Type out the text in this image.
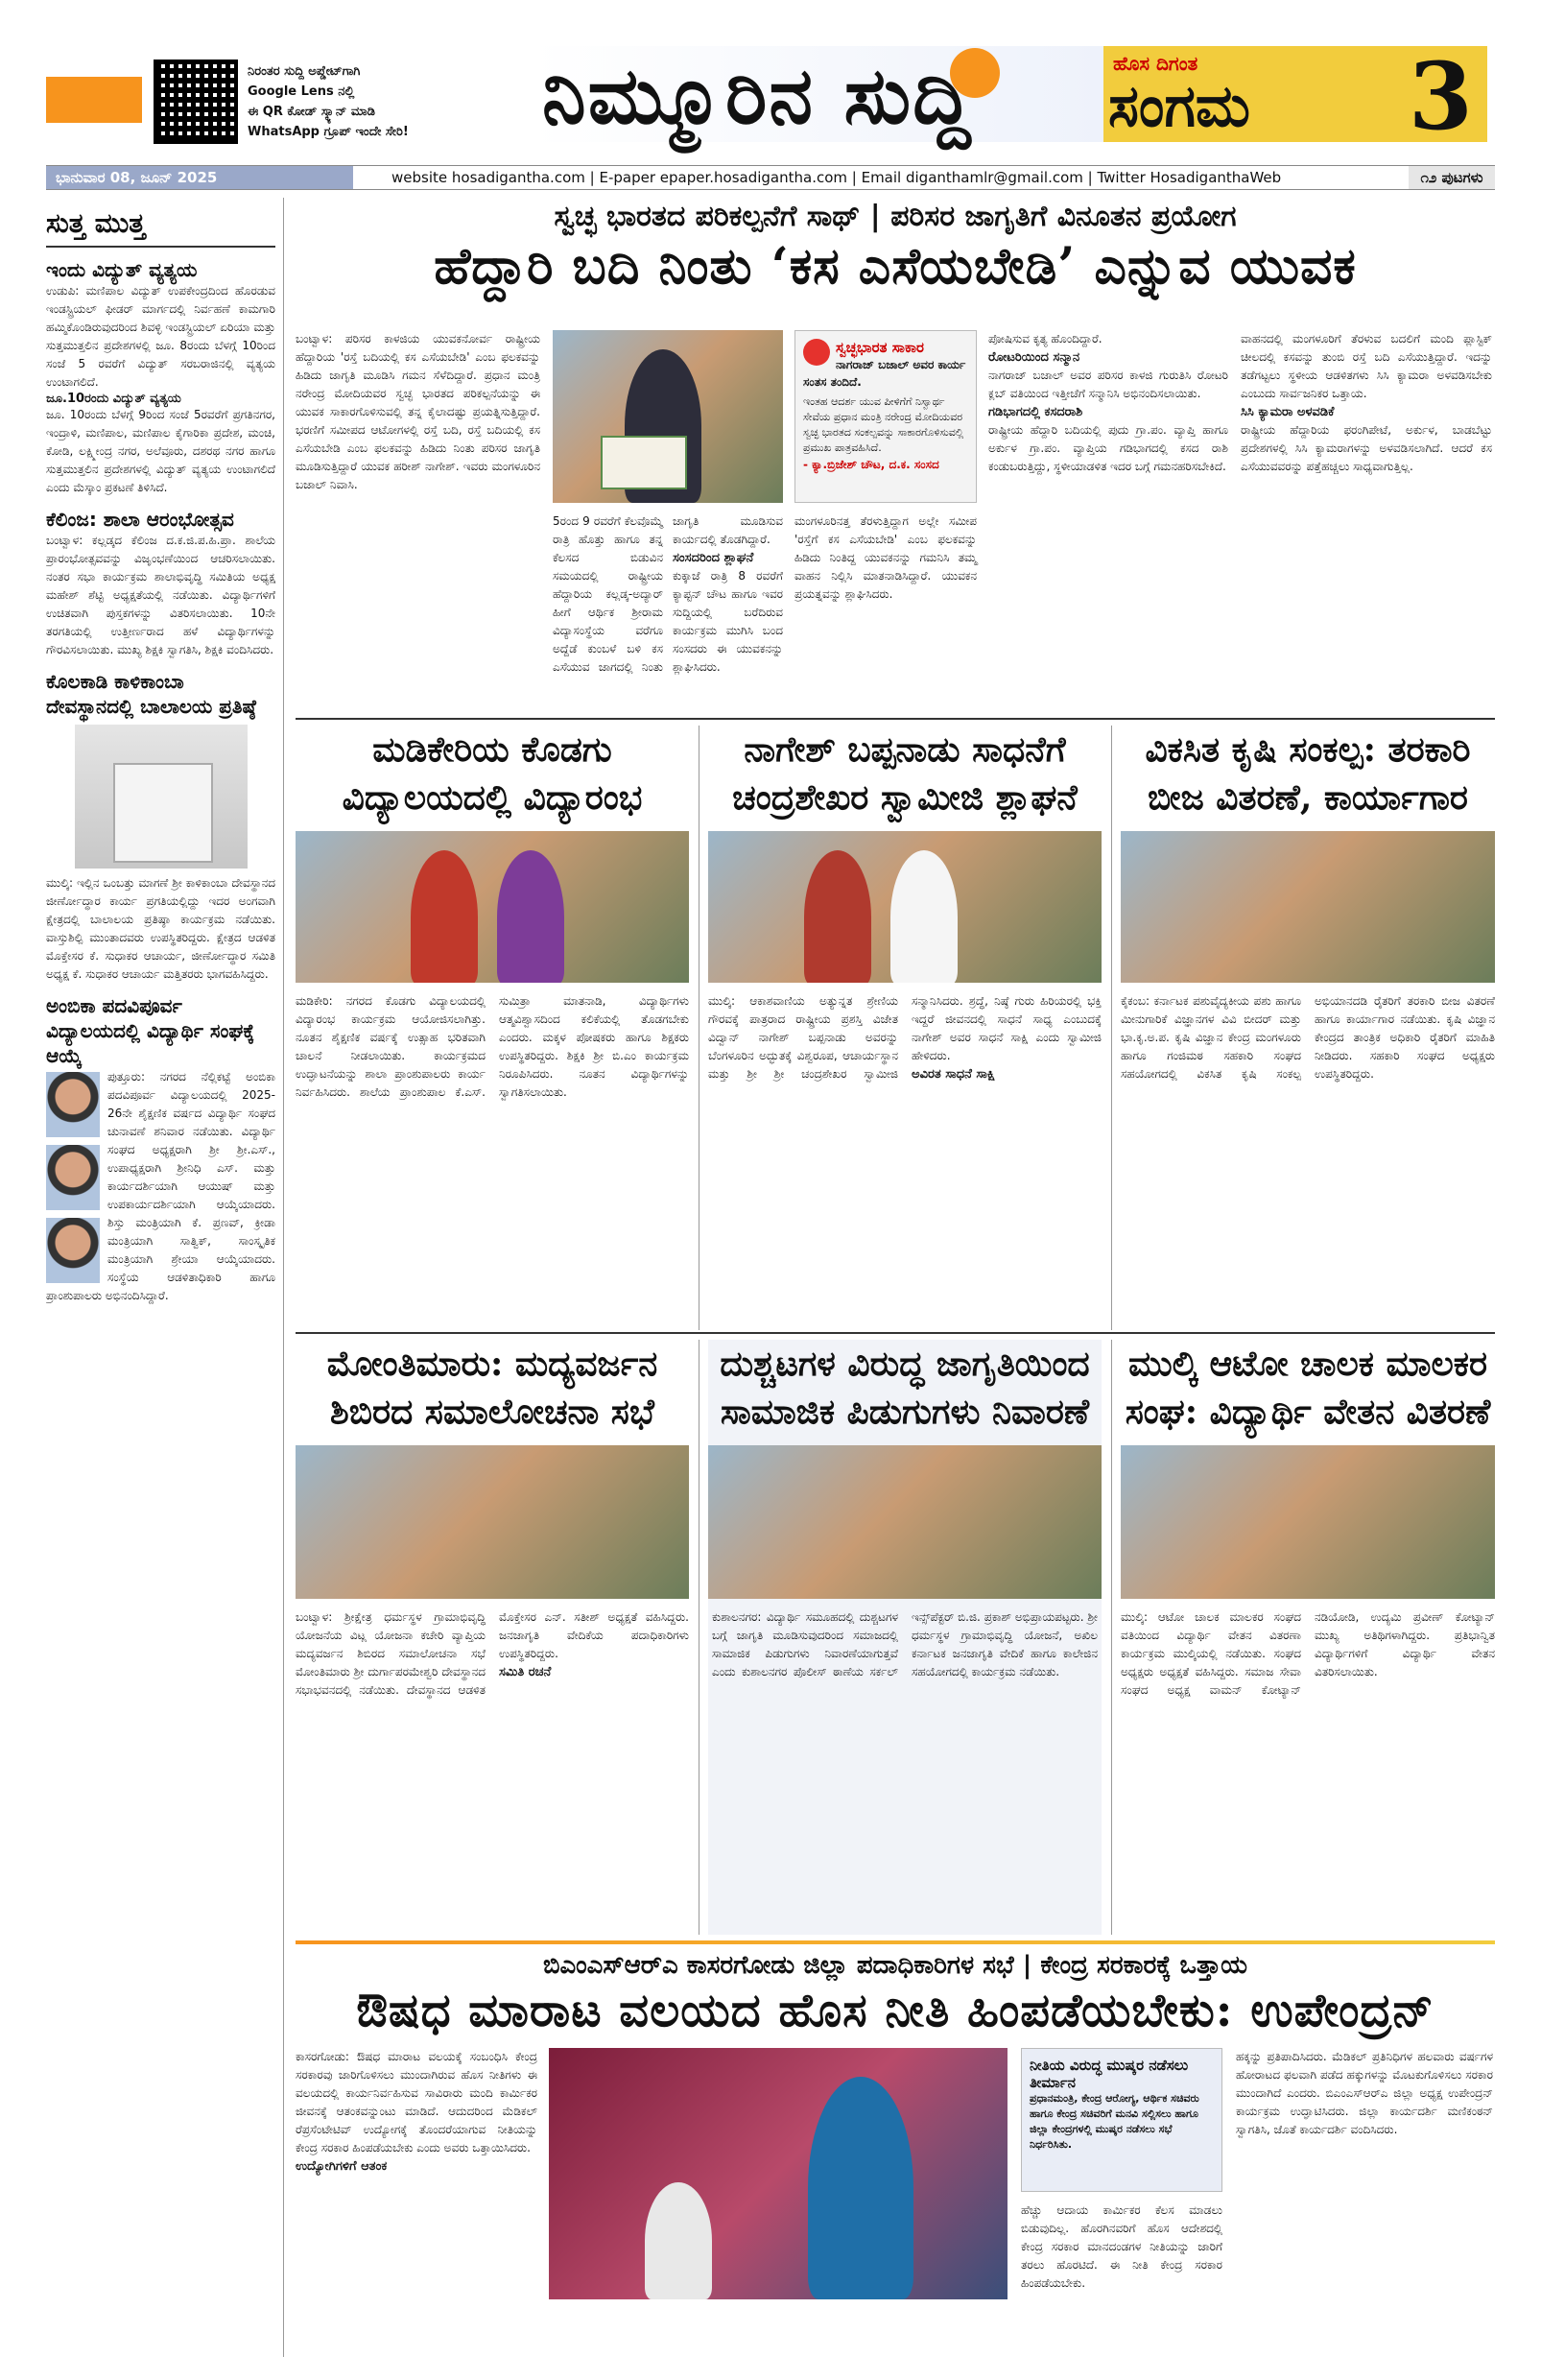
ನಿರಂತರ ಸುದ್ದಿ ಅಪ್ಡೇಟ್‌ಗಾಗಿ
Google Lens ನಲ್ಲಿ
ಈ QR ಕೋಡ್ ಸ್ಕ್ಯಾನ್ ಮಾಡಿ
WhatsApp ಗ್ರೂಪ್ ಇಂದೇ ಸೇರಿ!	ನಿಮ್ಮೂರಿನ ಸುದ್ದಿ	ಹೊಸ ದಿಗಂತ
ಸಂಗಮ 3
ಭಾನುವಾರ 08, ಜೂನ್ 2025	website hosadigantha.com | E-paper epaper.hosadigantha.com | Email diganthamlr@gmail.com | Twitter HosadiganthaWeb	೧೨ ಪುಟಗಳು
ಸುತ್ತ ಮುತ್ತ
ಇಂದು ವಿದ್ಯುತ್ ವ್ಯತ್ಯಯ
ಉಡುಪಿ: ಮಣಿಪಾಲ ವಿದ್ಯುತ್ ಉಪಕೇಂದ್ರದಿಂದ ಹೊರಡುವ ಇಂಡಸ್ಟ್ರಿಯಲ್ ಫೀಡರ್ ಮಾರ್ಗದಲ್ಲಿ ನಿರ್ವಹಣೆ ಕಾಮಗಾರಿ ಹಮ್ಮಿಕೊಂಡಿರುವುದರಿಂದ ಶಿವಳ್ಳಿ ಇಂಡಸ್ಟ್ರಿಯಲ್ ಏರಿಯಾ ಮತ್ತು ಸುತ್ತಮುತ್ತಲಿನ ಪ್ರದೇಶಗಳಲ್ಲಿ ಜೂ. 8ರಂದು ಬೆಳಗ್ಗೆ 10ರಿಂದ ಸಂಜೆ 5 ರವರೆಗೆ ವಿದ್ಯುತ್ ಸರಬರಾಜಿನಲ್ಲಿ ವ್ಯತ್ಯಯ ಉಂಟಾಗಲಿದೆ.
ಜೂ.10ರಂದು ವಿದ್ಯುತ್ ವ್ಯತ್ಯಯ
ಜೂ. 10ರಂದು ಬೆಳಗ್ಗೆ 9ರಿಂದ ಸಂಜೆ 5ರವರೆಗೆ ಪ್ರಗತಿನಗರ, ಇಂದ್ರಾಳಿ, ಮಣಿಪಾಲ, ಮಣಿಪಾಲ ಕೈಗಾರಿಕಾ ಪ್ರದೇಶ, ಮಂಚಿ, ಕೋಡಿ, ಲಕ್ಷ್ಮೀಂದ್ರ ನಗರ, ಅಲೆವೂರು, ದಶರಥ ನಗರ ಹಾಗೂ ಸುತ್ತಮುತ್ತಲಿನ ಪ್ರದೇಶಗಳಲ್ಲಿ ವಿದ್ಯುತ್ ವ್ಯತ್ಯಯ ಉಂಟಾಗಲಿದೆ ಎಂದು ಮೆಸ್ಕಾಂ ಪ್ರಕಟಣೆ ತಿಳಿಸಿದೆ.
ಕೆಲಿಂಜ: ಶಾಲಾ ಆರಂಭೋತ್ಸವ
ಬಂಟ್ವಾಳ: ಕಲ್ಲಡ್ಕದ ಕೆಲಿಂಜ ದ.ಕ.ಜಿ.ಪ.ಹಿ.ಪ್ರಾ. ಶಾಲೆಯ ಪ್ರಾರಂಭೋತ್ಸವವನ್ನು ವಿಜೃಂಭಣೆಯಿಂದ ಆಚರಿಸಲಾಯಿತು. ನಂತರ ಸಭಾ ಕಾರ್ಯಕ್ರಮ ಶಾಲಾಭಿವೃದ್ಧಿ ಸಮಿತಿಯ ಅಧ್ಯಕ್ಷ ಮಹೇಶ್ ಶೆಟ್ಟಿ ಅಧ್ಯಕ್ಷತೆಯಲ್ಲಿ ನಡೆಯಿತು. ವಿದ್ಯಾರ್ಥಿಗಳಿಗೆ ಉಚಿತವಾಗಿ ಪುಸ್ತಕಗಳನ್ನು ವಿತರಿಸಲಾಯಿತು. 10ನೇ ತರಗತಿಯಲ್ಲಿ ಉತ್ತೀರ್ಣರಾದ ಹಳೆ ವಿದ್ಯಾರ್ಥಿಗಳನ್ನು ಗೌರವಿಸಲಾಯಿತು. ಮುಖ್ಯ ಶಿಕ್ಷಕಿ ಸ್ವಾಗತಿಸಿ, ಶಿಕ್ಷಕಿ ವಂದಿಸಿದರು.
ಕೊಲಕಾಡಿ ಕಾಳಿಕಾಂಬಾ ದೇವಸ್ಥಾನದಲ್ಲಿ ಬಾಲಾಲಯ ಪ್ರತಿಷ್ಠೆ
ಮುಲ್ಕಿ: ಇಲ್ಲಿನ ಒಂಬತ್ತು ಮಾಗಣೆ ಶ್ರೀ ಕಾಳಿಕಾಂಬಾ ದೇವಸ್ಥಾನದ ಜೀರ್ಣೋದ್ಧಾರ ಕಾರ್ಯ ಪ್ರಗತಿಯಲ್ಲಿದ್ದು ಇದರ ಅಂಗವಾಗಿ ಕ್ಷೇತ್ರದಲ್ಲಿ ಬಾಲಾಲಯ ಪ್ರತಿಷ್ಠಾ ಕಾರ್ಯಕ್ರಮ ನಡೆಯಿತು. ವಾಸ್ತುಶಿಲ್ಪಿ ಮುಂತಾದವರು ಉಪಸ್ಥಿತರಿದ್ದರು. ಕ್ಷೇತ್ರದ ಆಡಳಿತ ಮೊಕ್ತೇಸರ ಕೆ. ಸುಧಾಕರ ಆಚಾರ್ಯ, ಜೀರ್ಣೋದ್ಧಾರ ಸಮಿತಿ ಅಧ್ಯಕ್ಷ ಕೆ. ಸುಧಾಕರ ಆಚಾರ್ಯ ಮತ್ತಿತರರು ಭಾಗವಹಿಸಿದ್ದರು.
ಅಂಬಿಕಾ ಪದವಿಪೂರ್ವ ವಿದ್ಯಾಲಯದಲ್ಲಿ ವಿದ್ಯಾರ್ಥಿ ಸಂಘಕ್ಕೆ ಆಯ್ಕೆ
ಪುತ್ತೂರು: ನಗರದ ನೆಲ್ಲಿಕಟ್ಟೆ ಅಂಬಿಕಾ ಪದವಿಪೂರ್ವ ವಿದ್ಯಾಲಯದಲ್ಲಿ 2025-26ನೇ ಶೈಕ್ಷಣಿಕ ವರ್ಷದ ವಿದ್ಯಾರ್ಥಿ ಸಂಘದ ಚುನಾವಣೆ ಶನಿವಾರ ನಡೆಯಿತು. ವಿದ್ಯಾರ್ಥಿ ಸಂಘದ ಅಧ್ಯಕ್ಷರಾಗಿ ಶ್ರೀ ಶ್ರೀ.ಎಸ್., ಉಪಾಧ್ಯಕ್ಷರಾಗಿ ಶ್ರೀನಿಧಿ ಎಸ್. ಮತ್ತು ಕಾರ್ಯದರ್ಶಿಯಾಗಿ ಆಯುಷ್ ಮತ್ತು ಉಪಕಾರ್ಯದರ್ಶಿಯಾಗಿ ಆಯ್ಕೆಯಾದರು. ಶಿಸ್ತು ಮಂತ್ರಿಯಾಗಿ ಕೆ. ಪ್ರಣವ್, ಕ್ರೀಡಾ ಮಂತ್ರಿಯಾಗಿ ಸಾತ್ವಿಕ್, ಸಾಂಸ್ಕೃತಿಕ ಮಂತ್ರಿಯಾಗಿ ಶ್ರೇಯಾ ಆಯ್ಕೆಯಾದರು. ಸಂಸ್ಥೆಯ ಆಡಳಿತಾಧಿಕಾರಿ ಹಾಗೂ ಪ್ರಾಂಶುಪಾಲರು ಅಭಿನಂದಿಸಿದ್ದಾರೆ.
ಸ್ವಚ್ಛ ಭಾರತದ ಪರಿಕಲ್ಪನೆಗೆ ಸಾಥ್ | ಪರಿಸರ ಜಾಗೃತಿಗೆ ವಿನೂತನ ಪ್ರಯೋಗ
ಹೆದ್ದಾರಿ ಬದಿ ನಿಂತು ‘ಕಸ ಎಸೆಯಬೇಡಿ’ ಎನ್ನುವ ಯುವಕ
ಬಂಟ್ವಾಳ: ಪರಿಸರ ಕಾಳಜಿಯ ಯುವಕನೋರ್ವ ರಾಷ್ಟ್ರೀಯ ಹೆದ್ದಾರಿಯ 'ರಸ್ತೆ ಬದಿಯಲ್ಲಿ ಕಸ ಎಸೆಯಬೇಡಿ' ಎಂಬ ಫಲಕವನ್ನು ಹಿಡಿದು ಜಾಗೃತಿ ಮೂಡಿಸಿ ಗಮನ ಸೆಳೆದಿದ್ದಾರೆ. ಪ್ರಧಾನ ಮಂತ್ರಿ ನರೇಂದ್ರ ಮೋದಿಯವರ ಸ್ವಚ್ಛ ಭಾರತದ ಪರಿಕಲ್ಪನೆಯನ್ನು ಈ ಯುವಕ ಸಾಕಾರಗೊಳಿಸುವಲ್ಲಿ ತನ್ನ ಕೈಲಾದಷ್ಟು ಪ್ರಯತ್ನಿಸುತ್ತಿದ್ದಾರೆ. ಭರಣಿಗೆ ಸಮೀಪದ ಆಟೋಗಳಲ್ಲಿ ರಸ್ತೆ ಬದಿ, ರಸ್ತೆ ಬದಿಯಲ್ಲಿ ಕಸ ಎಸೆಯಬೇಡಿ ಎಂಬ ಫಲಕವನ್ನು ಹಿಡಿದು ನಿಂತು ಪರಿಸರ ಜಾಗೃತಿ ಮೂಡಿಸುತ್ತಿದ್ದಾರೆ ಯುವಕ ಹರೀಶ್ ನಾಗೇಶ್. ಇವರು ಮಂಗಳೂರಿನ ಬಜಾಲ್ ನಿವಾಸಿ.
5ರಂದ 9 ರವರೆಗೆ ಕೆಲವೊಮ್ಮೆ ರಾತ್ರಿ ಹೊತ್ತು ಹಾಗೂ ತನ್ನ ಕೆಲಸದ ಬಿಡುವಿನ ಸಮಯದಲ್ಲಿ ರಾಷ್ಟ್ರೀಯ ಹೆದ್ದಾರಿಯ ಕಲ್ಲಡ್ಕ-ಅದ್ಯಾರ್ ಹೀಗೆ ಆರ್ಥಿಕ ಶ್ರೀರಾಮ ವಿದ್ಯಾಸಂಸ್ಥೆಯ ವರೆಗೂ ಅದ್ದೆಡೆ ಕುಂಬಳೆ ಬಳಿ ಕಸ ಎಸೆಯುವ ಜಾಗದಲ್ಲಿ ನಿಂತು ಜಾಗೃತಿ ಮೂಡಿಸುವ ಕಾರ್ಯದಲ್ಲಿ ತೊಡಗಿದ್ದಾರೆ.
ಸಂಸದರಿಂದ ಶ್ಲಾಘನೆ
ಕುಕ್ಕಾಜೆ ರಾತ್ರಿ 8 ರವರೆಗೆ ಕ್ಯಾಪ್ಟನ್ ಚೌಟ ಹಾಗೂ ಇವರ ಸುದ್ದಿಯಲ್ಲಿ ಬರೆದಿರುವ ಕಾರ್ಯಕ್ರಮ ಮುಗಿಸಿ ಬಂದ ಸಂಸದರು ಈ ಯುವಕನನ್ನು ಶ್ಲಾಘಿಸಿದರು.
ಸ್ವಚ್ಛಭಾರತ ಸಾಕಾರ
ನಾಗರಾಜ್ ಬಜಾಲ್ ಅವರ ಕಾರ್ಯ ಸಂತಸ ತಂದಿದೆ.
ಇಂತಹ ಆದರ್ಶ ಯುವ ಪೀಳಿಗೆಗೆ ನಿಸ್ವಾರ್ಥ ಸೇವೆಯ ಪ್ರಧಾನ ಮಂತ್ರಿ ನರೇಂದ್ರ ಮೋದಿಯವರ ಸ್ವಚ್ಛ ಭಾರತದ ಸಂಕಲ್ಪವನ್ನು ಸಾಕಾರಗೊಳಿಸುವಲ್ಲಿ ಪ್ರಮುಖ ಪಾತ್ರವಹಿಸಿದೆ.
- ಕ್ಯಾ.ಬ್ರಿಜೇಶ್ ಚೌಟ, ದ.ಕ. ಸಂಸದ
ಮಂಗಳೂರಿನತ್ತ ತೆರಳುತ್ತಿದ್ದಾಗ ಅಲ್ಲೇ ಸಮೀಪ 'ರಸ್ತೆಗೆ ಕಸ ಎಸೆಯಬೇಡಿ' ಎಂಬ ಫಲಕವನ್ನು ಹಿಡಿದು ನಿಂತಿದ್ದ ಯುವಕನನ್ನು ಗಮನಿಸಿ ತಮ್ಮ ವಾಹನ ನಿಲ್ಲಿಸಿ ಮಾತನಾಡಿಸಿದ್ದಾರೆ. ಯುವಕನ ಪ್ರಯತ್ನವನ್ನು ಶ್ಲಾಘಿಸಿದರು.
ಪೋಷಿಸುವ ಕೃತ್ಯ ಹೊಂದಿದ್ದಾರೆ.
ರೋಟರಿಯಿಂದ ಸನ್ಮಾನ
ನಾಗರಾಜ್ ಬಜಾಲ್ ಅವರ ಪರಿಸರ ಕಾಳಜಿ ಗುರುತಿಸಿ ರೋಟರಿ ಕ್ಲಬ್ ವತಿಯಿಂದ ಇತ್ತೀಚೆಗೆ ಸನ್ಮಾನಿಸಿ ಅಭಿನಂದಿಸಲಾಯಿತು.
ಗಡಿಭಾಗದಲ್ಲಿ ಕಸದರಾಶಿ
ರಾಷ್ಟ್ರೀಯ ಹೆದ್ದಾರಿ ಬದಿಯಲ್ಲಿ ಪುದು ಗ್ರಾ.ಪಂ. ವ್ಯಾಪ್ತಿ ಹಾಗೂ ಅರ್ಕುಳ ಗ್ರಾ.ಪಂ. ವ್ಯಾಪ್ತಿಯ ಗಡಿಭಾಗದಲ್ಲಿ ಕಸದ ರಾಶಿ ಕಂಡುಬರುತ್ತಿದ್ದು, ಸ್ಥಳೀಯಾಡಳಿತ ಇದರ ಬಗ್ಗೆ ಗಮನಹರಿಸಬೇಕಿದೆ.
ವಾಹನದಲ್ಲಿ ಮಂಗಳೂರಿಗೆ ತೆರಳುವ ಬದಲಿಗೆ ಮಂದಿ ಪ್ಲಾಸ್ಟಿಕ್ ಚೀಲದಲ್ಲಿ ಕಸವನ್ನು ತುಂಬಿ ರಸ್ತೆ ಬದಿ ಎಸೆಯುತ್ತಿದ್ದಾರೆ. ಇದನ್ನು ತಡೆಗಟ್ಟಲು ಸ್ಥಳೀಯ ಆಡಳಿತಗಳು ಸಿಸಿ ಕ್ಯಾಮರಾ ಅಳವಡಿಸಬೇಕು ಎಂಬುದು ಸಾರ್ವಜನಿಕರ ಒತ್ತಾಯ.
ಸಿಸಿ ಕ್ಯಾಮರಾ ಅಳವಡಿಕೆ
ರಾಷ್ಟ್ರೀಯ ಹೆದ್ದಾರಿಯ ಫರಂಗಿಪೇಟೆ, ಅರ್ಕುಳ, ಬಾಡಬೆಟ್ಟು ಪ್ರದೇಶಗಳಲ್ಲಿ ಸಿಸಿ ಕ್ಯಾಮರಾಗಳನ್ನು ಅಳವಡಿಸಲಾಗಿದೆ. ಆದರೆ ಕಸ ಎಸೆಯುವವರನ್ನು ಪತ್ತೆಹಚ್ಚಲು ಸಾಧ್ಯವಾಗುತ್ತಿಲ್ಲ.
ಮಡಿಕೇರಿಯ ಕೊಡಗು ವಿದ್ಯಾಲಯದಲ್ಲಿ ವಿದ್ಯಾರಂಭ
ಮಡಿಕೇರಿ: ನಗರದ ಕೊಡಗು ವಿದ್ಯಾಲಯದಲ್ಲಿ ವಿದ್ಯಾರಂಭ ಕಾರ್ಯಕ್ರಮ ಆಯೋಜಿಸಲಾಗಿತ್ತು. ನೂತನ ಶೈಕ್ಷಣಿಕ ವರ್ಷಕ್ಕೆ ಉತ್ಸಾಹ ಭರಿತವಾಗಿ ಚಾಲನೆ ನೀಡಲಾಯಿತು. ಕಾರ್ಯಕ್ರಮದ ಉದ್ಘಾಟನೆಯನ್ನು ಶಾಲಾ ಪ್ರಾಂಶುಪಾಲರು ಕಾರ್ಯ ನಿರ್ವಹಿಸಿದರು. ಶಾಲೆಯ ಪ್ರಾಂಶುಪಾಲ ಕೆ.ಎಸ್. ಸುಮಿತ್ರಾ ಮಾತನಾಡಿ, ವಿದ್ಯಾರ್ಥಿಗಳು ಆತ್ಮವಿಶ್ವಾಸದಿಂದ ಕಲಿಕೆಯಲ್ಲಿ ತೊಡಗಬೇಕು ಎಂದರು. ಮಕ್ಕಳ ಪೋಷಕರು ಹಾಗೂ ಶಿಕ್ಷಕರು ಉಪಸ್ಥಿತರಿದ್ದರು. ಶಿಕ್ಷಕಿ ಶ್ರೀ ಬಿ.ಎಂ ಕಾರ್ಯಕ್ರಮ ನಿರೂಪಿಸಿದರು. ನೂತನ ವಿದ್ಯಾರ್ಥಿಗಳನ್ನು ಸ್ವಾಗತಿಸಲಾಯಿತು.
ನಾಗೇಶ್ ಬಪ್ಪನಾಡು ಸಾಧನೆಗೆ ಚಂದ್ರಶೇಖರ ಸ್ವಾಮೀಜಿ ಶ್ಲಾಘನೆ
ಮುಲ್ಕಿ: ಆಕಾಶವಾಣಿಯ ಅತ್ಯುನ್ನತ ಶ್ರೇಣಿಯ ಗೌರವಕ್ಕೆ ಪಾತ್ರರಾದ ರಾಷ್ಟ್ರೀಯ ಪ್ರಶಸ್ತಿ ವಿಜೇತ ವಿದ್ವಾನ್ ನಾಗೇಶ್ ಬಪ್ಪನಾಡು ಅವರನ್ನು ಬೆಂಗಳೂರಿನ ಅದ್ಭುತಕ್ಕೆ ವಿಶ್ವರೂಪ, ಆಚಾರ್ಯಸ್ಥಾನ ಮತ್ತು ಶ್ರೀ ಶ್ರೀ ಚಂದ್ರಶೇಖರ ಸ್ವಾಮೀಜಿ ಸನ್ಮಾನಿಸಿದರು. ಶ್ರದ್ಧೆ, ನಿಷ್ಠೆ ಗುರು ಹಿರಿಯರಲ್ಲಿ ಭಕ್ತಿ ಇದ್ದರೆ ಜೀವನದಲ್ಲಿ ಸಾಧನೆ ಸಾಧ್ಯ ಎಂಬುದಕ್ಕೆ ನಾಗೇಶ್ ಅವರ ಸಾಧನೆ ಸಾಕ್ಷಿ ಎಂದು ಸ್ವಾಮೀಜಿ ಹೇಳಿದರು.
ಅವಿರತ ಸಾಧನೆ ಸಾಕ್ಷಿ
ವಿಕಸಿತ ಕೃಷಿ ಸಂಕಲ್ಪ: ತರಕಾರಿ ಬೀಜ ವಿತರಣೆ, ಕಾರ್ಯಾಗಾರ
ಕೈಕಂಬ: ಕರ್ನಾಟಕ ಪಶುವೈದ್ಯಕೀಯ ಪಶು ಹಾಗೂ ಮೀನುಗಾರಿಕೆ ವಿಜ್ಞಾನಗಳ ವಿವಿ ಬೀದರ್ ಮತ್ತು ಭಾ.ಕೃ.ಅ.ಪ. ಕೃಷಿ ವಿಜ್ಞಾನ ಕೇಂದ್ರ ಮಂಗಳೂರು ಹಾಗೂ ಗಂಜಿಮಠ ಸಹಕಾರಿ ಸಂಘದ ಸಹಯೋಗದಲ್ಲಿ ವಿಕಸಿತ ಕೃಷಿ ಸಂಕಲ್ಪ ಅಭಿಯಾನದಡಿ ರೈತರಿಗೆ ತರಕಾರಿ ಬೀಜ ವಿತರಣೆ ಹಾಗೂ ಕಾರ್ಯಾಗಾರ ನಡೆಯಿತು. ಕೃಷಿ ವಿಜ್ಞಾನ ಕೇಂದ್ರದ ತಾಂತ್ರಿಕ ಅಧಿಕಾರಿ ರೈತರಿಗೆ ಮಾಹಿತಿ ನೀಡಿದರು. ಸಹಕಾರಿ ಸಂಘದ ಅಧ್ಯಕ್ಷರು ಉಪಸ್ಥಿತರಿದ್ದರು.
ಮೋಂತಿಮಾರು: ಮದ್ಯವರ್ಜನ ಶಿಬಿರದ ಸಮಾಲೋಚನಾ ಸಭೆ
ಬಂಟ್ವಾಳ: ಶ್ರೀಕ್ಷೇತ್ರ ಧರ್ಮಸ್ಥಳ ಗ್ರಾಮಾಭಿವೃದ್ಧಿ ಯೋಜನೆಯ ವಿಟ್ಲ ಯೋಜನಾ ಕಚೇರಿ ವ್ಯಾಪ್ತಿಯ ಮದ್ಯವರ್ಜನ ಶಿಬಿರದ ಸಮಾಲೋಚನಾ ಸಭೆ ಮೋಂತಿಮಾರು ಶ್ರೀ ದುರ್ಗಾಪರಮೇಶ್ವರಿ ದೇವಸ್ಥಾನದ ಸಭಾಭವನದಲ್ಲಿ ನಡೆಯಿತು. ದೇವಸ್ಥಾನದ ಆಡಳಿತ ಮೊಕ್ತೇಸರ ಎನ್. ಸತೀಶ್ ಅಧ್ಯಕ್ಷತೆ ವಹಿಸಿದ್ದರು. ಜನಜಾಗೃತಿ ವೇದಿಕೆಯ ಪದಾಧಿಕಾರಿಗಳು ಉಪಸ್ಥಿತರಿದ್ದರು.
ಸಮಿತಿ ರಚನೆ
ದುಶ್ಚಟಗಳ ವಿರುದ್ಧ ಜಾಗೃತಿಯಿಂದ ಸಾಮಾಜಿಕ ಪಿಡುಗುಗಳು ನಿವಾರಣೆ
ಕುಶಾಲನಗರ: ವಿದ್ಯಾರ್ಥಿ ಸಮೂಹದಲ್ಲಿ ದುಶ್ಚಟಗಳ ಬಗ್ಗೆ ಜಾಗೃತಿ ಮೂಡಿಸುವುದರಿಂದ ಸಮಾಜದಲ್ಲಿ ಸಾಮಾಜಿಕ ಪಿಡುಗುಗಳು ನಿವಾರಣೆಯಾಗುತ್ತವೆ ಎಂದು ಕುಶಾಲನಗರ ಪೊಲೀಸ್ ಠಾಣೆಯ ಸರ್ಕಲ್ ಇನ್ಸ್‌ಪೆಕ್ಟರ್ ಬಿ.ಜಿ. ಪ್ರಕಾಶ್ ಅಭಿಪ್ರಾಯಪಟ್ಟರು. ಶ್ರೀ ಧರ್ಮಸ್ಥಳ ಗ್ರಾಮಾಭಿವೃದ್ಧಿ ಯೋಜನೆ, ಅಖಿಲ ಕರ್ನಾಟಕ ಜನಜಾಗೃತಿ ವೇದಿಕೆ ಹಾಗೂ ಕಾಲೇಜಿನ ಸಹಯೋಗದಲ್ಲಿ ಕಾರ್ಯಕ್ರಮ ನಡೆಯಿತು.
ಮುಲ್ಕಿ ಆಟೋ ಚಾಲಕ ಮಾಲಕರ ಸಂಘ: ವಿದ್ಯಾರ್ಥಿ ವೇತನ ವಿತರಣೆ
ಮುಲ್ಕಿ: ಆಟೋ ಚಾಲಕ ಮಾಲಕರ ಸಂಘದ ವತಿಯಿಂದ ವಿದ್ಯಾರ್ಥಿ ವೇತನ ವಿತರಣಾ ಕಾರ್ಯಕ್ರಮ ಮುಲ್ಕಿಯಲ್ಲಿ ನಡೆಯಿತು. ಸಂಘದ ಅಧ್ಯಕ್ಷರು ಅಧ್ಯಕ್ಷತೆ ವಹಿಸಿದ್ದರು. ಸಮಾಜ ಸೇವಾ ಸಂಘದ ಅಧ್ಯಕ್ಷ ವಾಮನ್ ಕೋಟ್ಯಾನ್ ನಡಿಯೋಡಿ, ಉದ್ಯಮಿ ಪ್ರವೀಣ್ ಕೋಟ್ಯಾನ್ ಮುಖ್ಯ ಅತಿಥಿಗಳಾಗಿದ್ದರು. ಪ್ರತಿಭಾನ್ವಿತ ವಿದ್ಯಾರ್ಥಿಗಳಿಗೆ ವಿದ್ಯಾರ್ಥಿ ವೇತನ ವಿತರಿಸಲಾಯಿತು.
ಬಿಎಂಎಸ್‌ಆರ್‌ಎ ಕಾಸರಗೋಡು ಜಿಲ್ಲಾ ಪದಾಧಿಕಾರಿಗಳ ಸಭೆ | ಕೇಂದ್ರ ಸರಕಾರಕ್ಕೆ ಒತ್ತಾಯ
ಔಷಧ ಮಾರಾಟ ವಲಯದ ಹೊಸ ನೀತಿ ಹಿಂಪಡೆಯಬೇಕು: ಉಪೇಂದ್ರನ್
ಕಾಸರಗೋಡು: ಔಷಧ ಮಾರಾಟ ವಲಯಕ್ಕೆ ಸಂಬಂಧಿಸಿ ಕೇಂದ್ರ ಸರಕಾರವು ಜಾರಿಗೊಳಿಸಲು ಮುಂದಾಗಿರುವ ಹೊಸ ನೀತಿಗಳು ಈ ವಲಯದಲ್ಲಿ ಕಾರ್ಯನಿರ್ವಹಿಸುವ ಸಾವಿರಾರು ಮಂದಿ ಕಾರ್ಮಿಕರ ಜೀವನಕ್ಕೆ ಆತಂಕವನ್ನುಂಟು ಮಾಡಿದೆ. ಆದುದರಿಂದ ಮೆಡಿಕಲ್ ರೆಪ್ರಸೆಂಟೇಟಿವ್ ಉದ್ಯೋಗಕ್ಕೆ ತೊಂದರೆಯಾಗುವ ನೀತಿಯನ್ನು ಕೇಂದ್ರ ಸರಕಾರ ಹಿಂಪಡೆಯಬೇಕು ಎಂದು ಅವರು ಒತ್ತಾಯಿಸಿದರು.
ಉದ್ಯೋಗಿಗಳಿಗೆ ಆತಂಕ
ನೀತಿಯ ವಿರುದ್ಧ ಮುಷ್ಕರ ನಡೆಸಲು ತೀರ್ಮಾನ
ಪ್ರಧಾನಮಂತ್ರಿ, ಕೇಂದ್ರ ಆರೋಗ್ಯ, ಆರ್ಥಿಕ ಸಚಿವರು ಹಾಗೂ ಕೇಂದ್ರ ಸಚಿವರಿಗೆ ಮನವಿ ಸಲ್ಲಿಸಲು ಹಾಗೂ ಜಿಲ್ಲಾ ಕೇಂದ್ರಗಳಲ್ಲಿ ಮುಷ್ಕರ ನಡೆಸಲು ಸಭೆ ನಿರ್ಧರಿಸಿತು.
ಹೆಚ್ಚು ಆದಾಯ ಕಾರ್ಮಿಕರ ಕೆಲಸ ಮಾಡಲು ಬಿಡುವುದಿಲ್ಲ. ಹೊರಗಿನವರಿಗೆ ಹೊಸ ಆದೇಶದಲ್ಲಿ ಕೇಂದ್ರ ಸರಕಾರ ಮಾನದಂಡಗಳ ನೀತಿಯನ್ನು ಜಾರಿಗೆ ತರಲು ಹೊರಟಿದೆ. ಈ ನೀತಿ ಕೇಂದ್ರ ಸರಕಾರ ಹಿಂಪಡೆಯಬೇಕು.
ಹಕ್ಕನ್ನು ಪ್ರತಿಪಾದಿಸಿದರು. ಮೆಡಿಕಲ್ ಪ್ರತಿನಿಧಿಗಳ ಹಲವಾರು ವರ್ಷಗಳ ಹೋರಾಟದ ಫಲವಾಗಿ ಪಡೆದ ಹಕ್ಕುಗಳನ್ನು ಮೊಟಕುಗೊಳಿಸಲು ಸರಕಾರ ಮುಂದಾಗಿದೆ ಎಂದರು. ಬಿಎಂಎಸ್‌ಆರ್‌ಎ ಜಿಲ್ಲಾ ಅಧ್ಯಕ್ಷ ಉಪೇಂದ್ರನ್ ಕಾರ್ಯಕ್ರಮ ಉದ್ಘಾಟಿಸಿದರು. ಜಿಲ್ಲಾ ಕಾರ್ಯದರ್ಶಿ ಮಣಿಕಂಠನ್ ಸ್ವಾಗತಿಸಿ, ಜೊತೆ ಕಾರ್ಯದರ್ಶಿ ವಂದಿಸಿದರು.
